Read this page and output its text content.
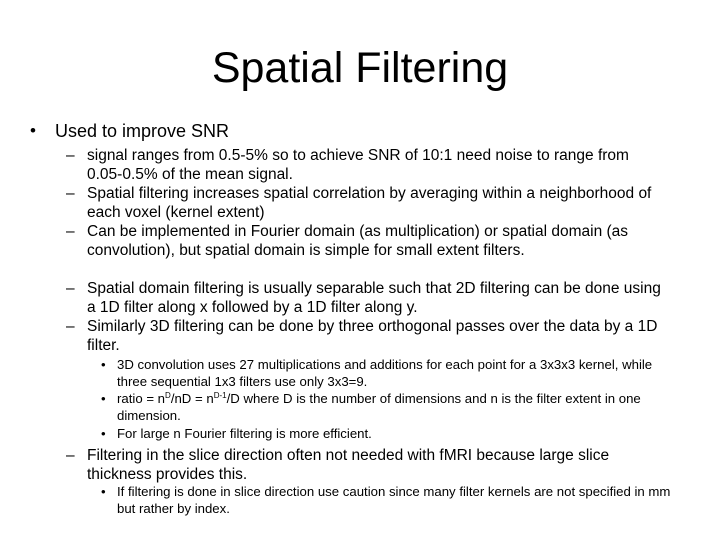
Spatial Filtering
• Used to improve SNR
– signal ranges from 0.5-5% so to achieve SNR of 10:1 need noise to range from 0.05-0.5% of the mean signal.
– Spatial filtering increases spatial correlation by averaging within a neighborhood of each voxel (kernel extent)
– Can be implemented in Fourier domain (as multiplication) or spatial domain (as convolution), but spatial domain is simple for small extent filters.
– Spatial domain filtering is usually separable such that 2D filtering can be done using a 1D filter along x followed by a 1D filter along y.
– Similarly 3D filtering can be done by three orthogonal passes over the data by a 1D filter.
• 3D convolution uses 27 multiplications and additions for each point for a 3x3x3 kernel, while three sequential 1x3 filters use only 3x3=9.
• ratio = $n^D/nD = n^{D-1}/D$ where D is the number of dimensions and n is the filter extent in one dimension.
• For large n Fourier filtering is more efficient.
– Filtering in the slice direction often not needed with fMRI because large slice thickness provides this.
• If filtering is done in slice direction use caution since many filter kernels are not specified in mm but rather by index.
